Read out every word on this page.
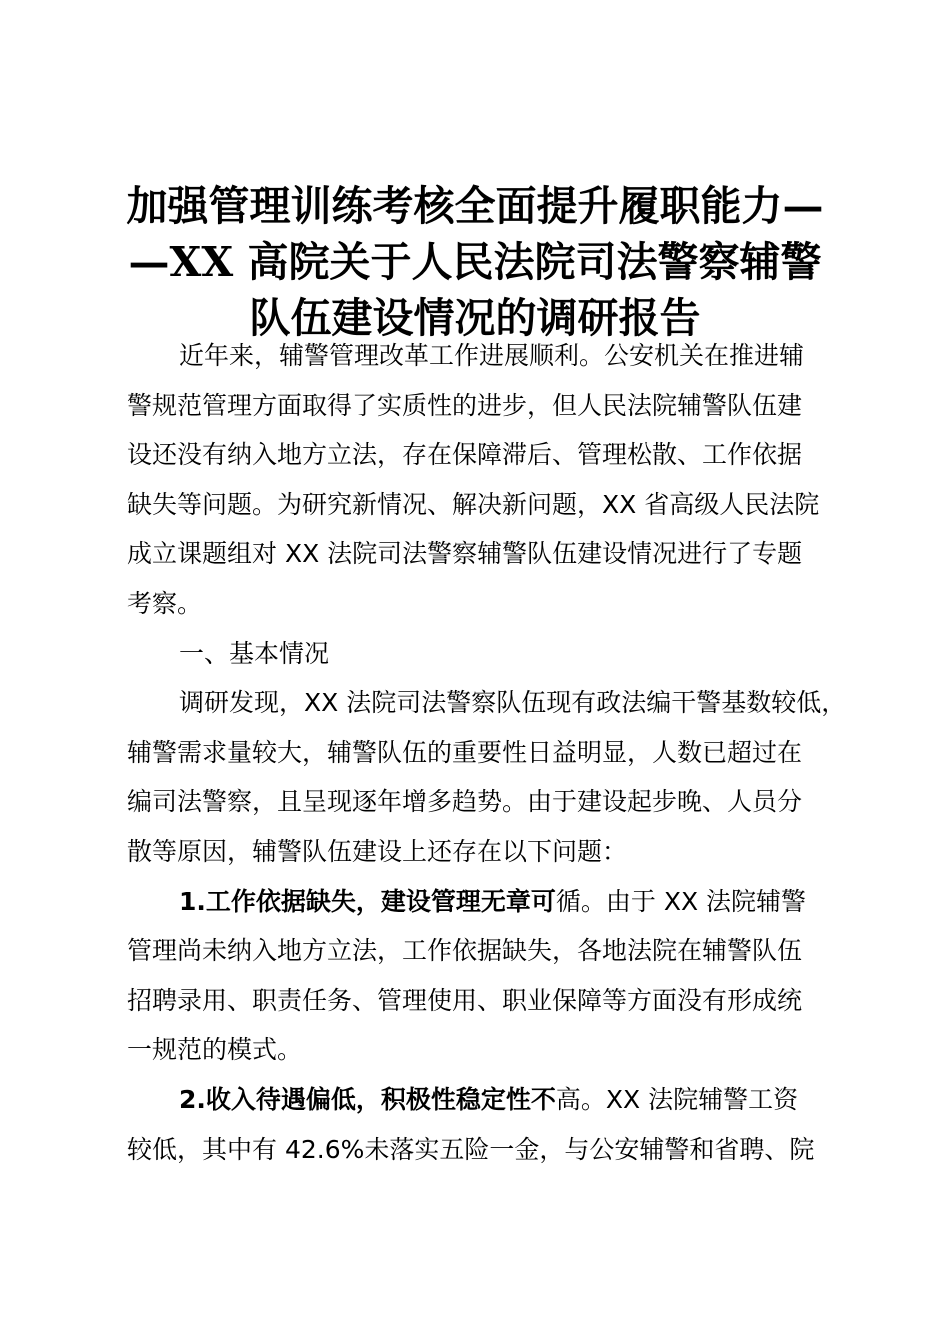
加强管理训练考核全面提升履职能力—
—XX 高院关于人民法院司法警察辅警
队伍建设情况的调研报告
近年来，辅警管理改革工作进展顺利。公安机关在推进辅
警规范管理方面取得了实质性的进步，但人民法院辅警队伍建
设还没有纳入地方立法，存在保障滞后、管理松散、工作依据
缺失等问题。为研究新情况、解决新问题，XX 省高级人民法院
成立课题组对 XX 法院司法警察辅警队伍建设情况进行了专题
考察。
一、基本情况
调研发现，XX 法院司法警察队伍现有政法编干警基数较低，
辅警需求量较大，辅警队伍的重要性日益明显，人数已超过在
编司法警察，且呈现逐年增多趋势。由于建设起步晚、人员分
散等原因，辅警队伍建设上还存在以下问题：
1.工作依据缺失，建设管理无章可循。由于 XX 法院辅警
管理尚未纳入地方立法，工作依据缺失，各地法院在辅警队伍
招聘录用、职责任务、管理使用、职业保障等方面没有形成统
一规范的模式。
2.收入待遇偏低，积极性稳定性不高。XX 法院辅警工资
较低，其中有 42.6%未落实五险一金，与公安辅警和省聘、院
